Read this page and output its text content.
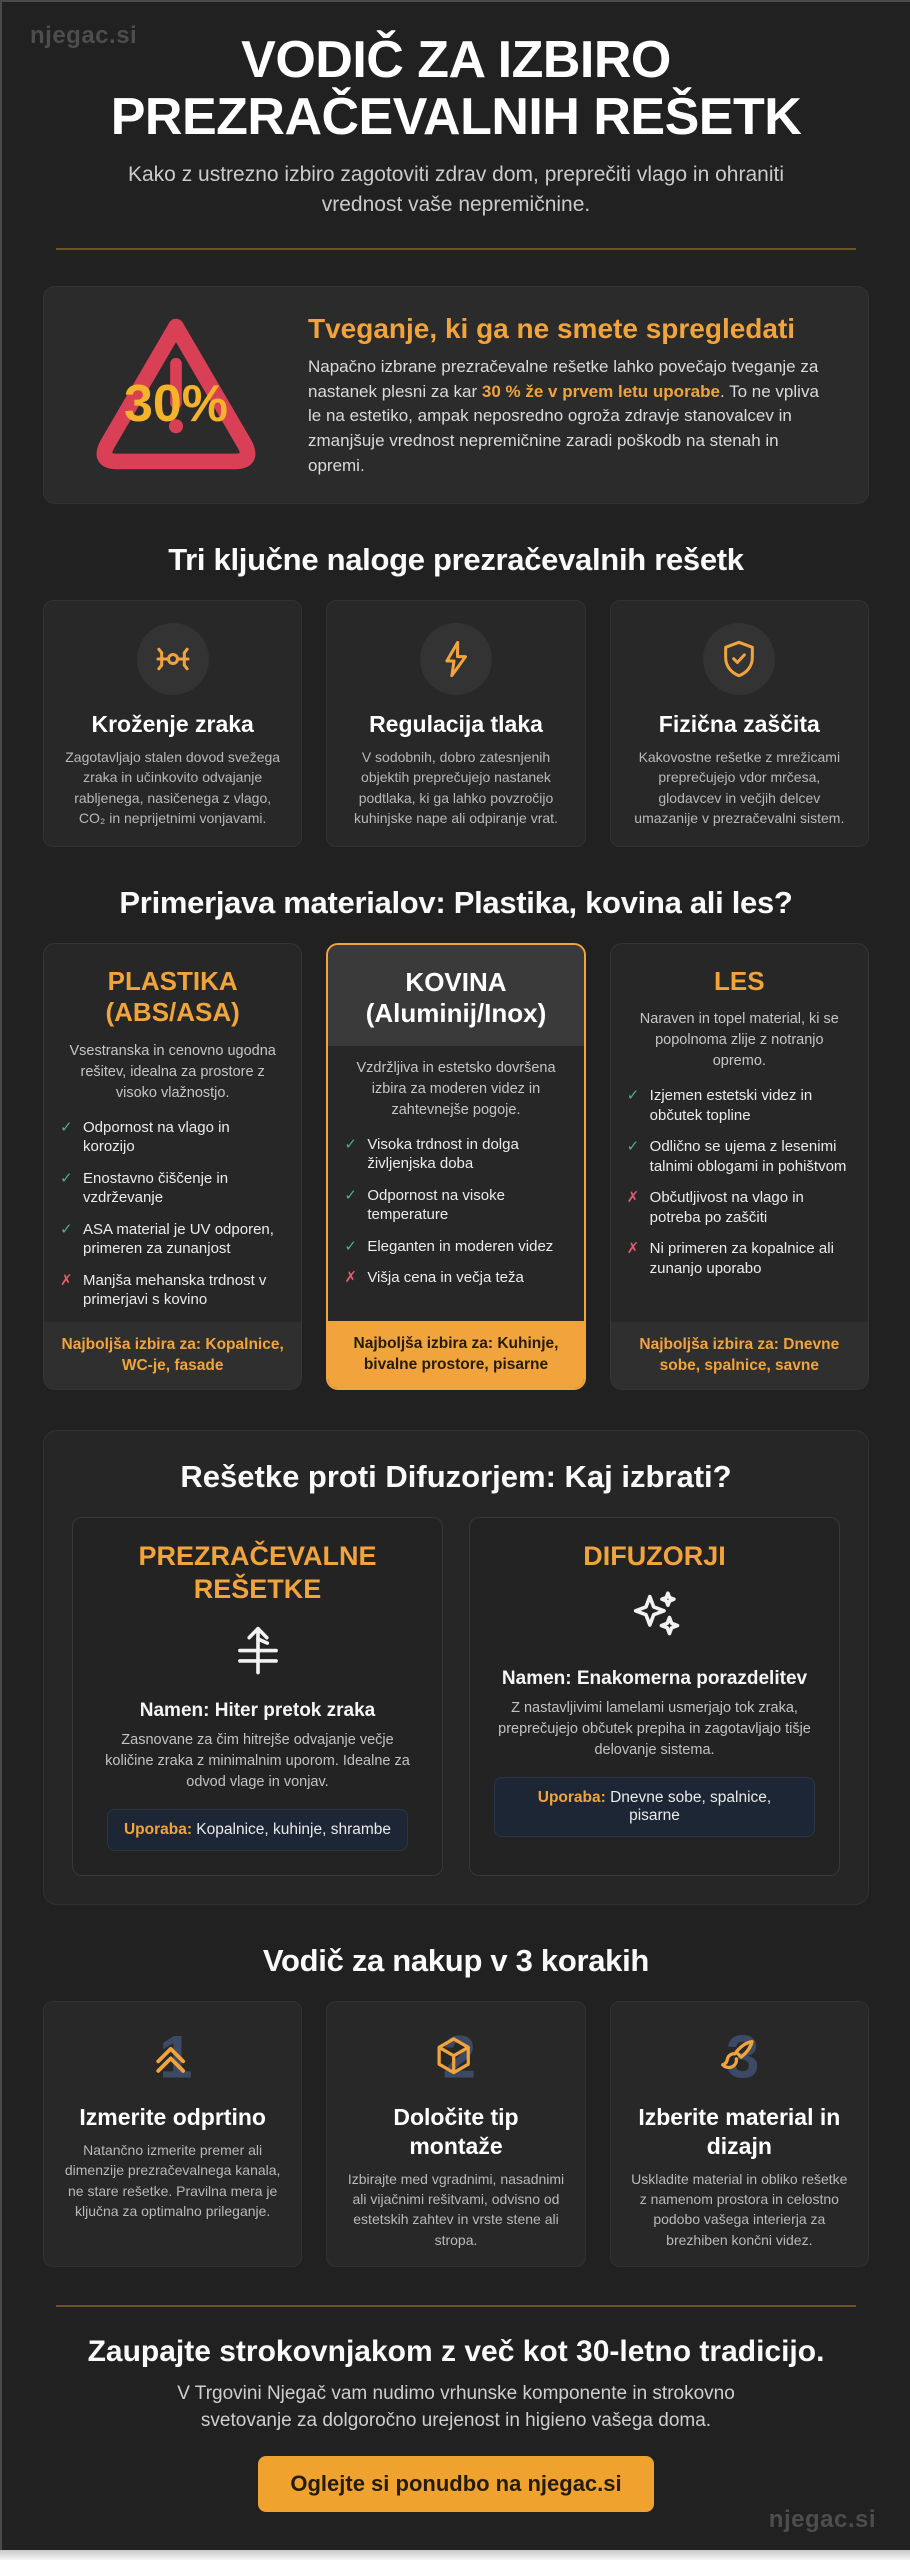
njegac.si	VODIČ ZA IZBIRO PREZRAČEVALNIH REŠETK

Kako z ustrezno izbiro zagotoviti zdrav dom, preprečiti vlago in ohraniti vrednost vaše nepremičnine.

30%
Tveganje, ki ga ne smete spregledati

Napačno izbrane prezračevalne rešetke lahko povečajo tveganje za nastanek plesni za kar 30 % že v prvem letu uporabe. To ne vpliva le na estetiko, ampak neposredno ogroža zdravje stanovalcev in zmanjšuje vrednost nepremičnine zaradi poškodb na stenah in opremi.

Tri ključne naloge prezračevalnih rešetk
Kroženje zraka

Zagotavljajo stalen dovod svežega zraka in učinkovito odvajanje rabljenega, nasičenega z vlago, CO₂ in neprijetnimi vonjavami.

Regulacija tlaka

V sodobnih, dobro zatesnjenih objektih preprečujejo nastanek podtlaka, ki ga lahko povzročijo kuhinjske nape ali odpiranje vrat.

Fizična zaščita

Kakovostne rešetke z mrežicami preprečujejo vdor mrčesa, glodavcev in večjih delcev umazanije v prezračevalni sistem.

Primerjava materialov: Plastika, kovina ali les?
PLASTIKA (ABS/ASA)

Vsestranska in cenovno ugodna rešitev, idealna za prostore z visoko vlažnostjo.

✓ Odpornost na vlago in korozijo
✓ Enostavno čiščenje in vzdrževanje
✓ ASA material je UV odporen, primeren za zunanjost
✗ Manjša mehanska trdnost v primerjavi s kovino
Najboljša izbira za: Kopalnice, WC-je, fasade
KOVINA (Aluminij/Inox)

Vzdržljiva in estetsko dovršena izbira za moderen videz in zahtevnejše pogoje.

✓ Visoka trdnost in dolga življenjska doba
✓ Odpornost na visoke temperature
✓ Eleganten in moderen videz
✗ Višja cena in večja teža
Najboljša izbira za: Kuhinje, bivalne prostore, pisarne
LES

Naraven in topel material, ki se popolnoma zlije z notranjo opremo.

✓ Izjemen estetski videz in občutek topline
✓ Odlično se ujema z lesenimi talnimi oblogami in pohištvom
✗ Občutljivost na vlago in potreba po zaščiti
✗ Ni primeren za kopalnice ali zunanjo uporabo
Najboljša izbira za: Dnevne sobe, spalnice, savne
Rešetke proti Difuzorjem: Kaj izbrati?
PREZRAČEVALNE REŠETKE
Namen: Hiter pretok zraka

Zasnovane za čim hitrejše odvajanje večje količine zraka z minimalnim uporom. Idealne za odvod vlage in vonjav.

Uporaba: Kopalnice, kuhinje, shrambe
DIFUZORJI
Namen: Enakomerna porazdelitev

Z nastavljivimi lamelami usmerjajo tok zraka, preprečujejo občutek prepiha in zagotavljajo tišje delovanje sistema.

Uporaba: Dnevne sobe, spalnice, pisarne
Vodič za nakup v 3 korakih
1
Izmerite odprtino

Natančno izmerite premer ali dimenzije prezračevalnega kanala, ne stare rešetke. Pravilna mera je ključna za optimalno prileganje.

2
Določite tip montaže

Izbirajte med vgradnimi, nasadnimi ali vijačnimi rešitvami, odvisno od estetskih zahtev in vrste stene ali stropa.

3
Izberite material in dizajn

Uskladite material in obliko rešetke z namenom prostora in celostno podobo vašega interierja za brezhiben končni videz.

Zaupajte strokovnjakom z več kot 30-letno tradicijo.

V Trgovini Njegač vam nudimo vrhunske komponente in strokovno svetovanje za dolgoročno urejenost in higieno vašega doma.

Oglejte si ponudbo na njegac.si
njegac.si
